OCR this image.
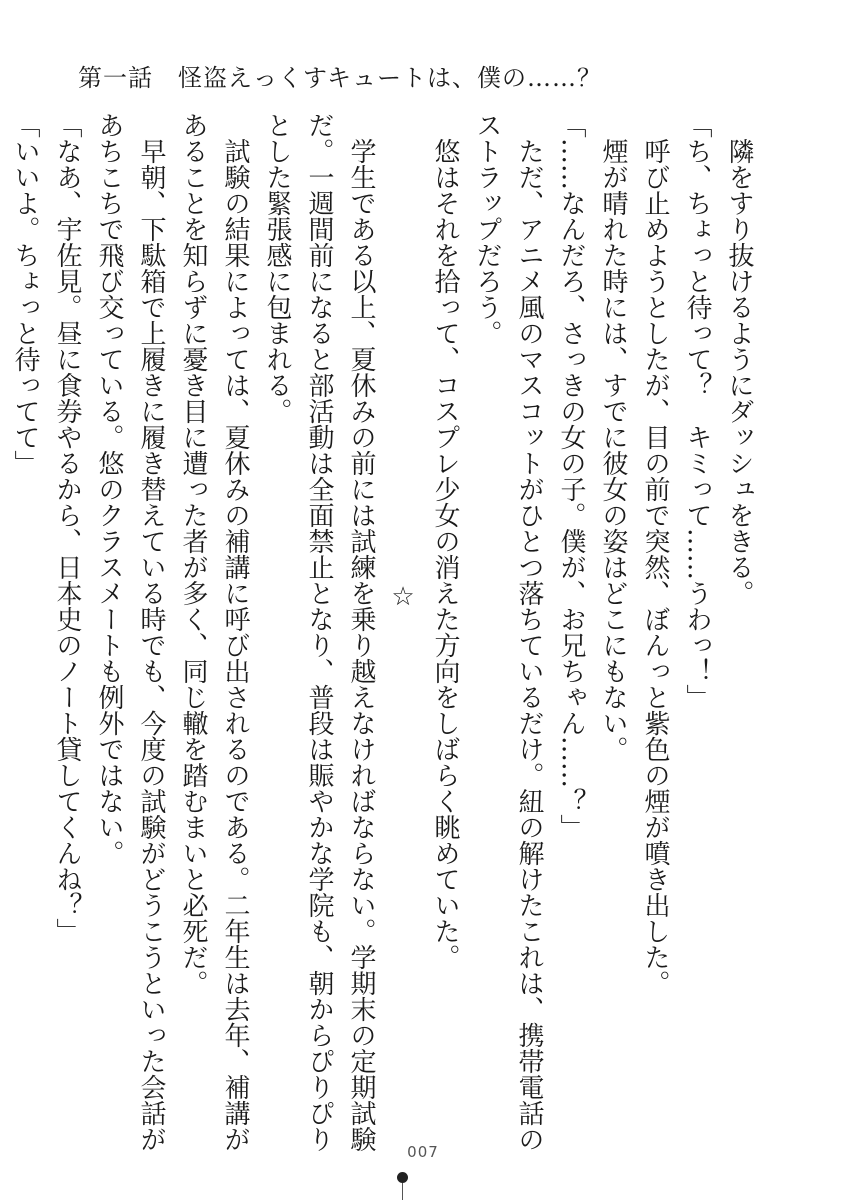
第一話　怪盗えっくすキュートは、僕の……？
　隣をすり抜けるようにダッシュをきる。
「ち、ちょっと待って？　キミって……うわっ！」
　呼び止めようとしたが、目の前で突然、ぼんっと紫色の煙が噴き出した。
　煙が晴れた時には、すでに彼女の姿はどこにもない。
「……なんだろ、さっきの女の子。僕が、お兄ちゃん……？」
　ただ、アニメ風のマスコットがひとつ落ちているだけ。紐の解けたこれは、携帯電話の
ストラップだろう。
　悠はそれを拾って、コスプレ少女の消えた方向をしばらく眺めていた。
☆
　学生である以上、夏休みの前には試練を乗り越えなければならない。学期末の定期試験
だ。一週間前になると部活動は全面禁止となり、普段は賑やかな学院も、朝からぴりぴり
とした緊張感に包まれる。
　試験の結果によっては、夏休みの補講に呼び出されるのである。二年生は去年、補講が
あることを知らずに憂き目に遭った者が多く、同じ轍を踏むまいと必死だ。
　早朝、下駄箱で上履きに履き替えている時でも、今度の試験がどうこうといった会話が
あちこちで飛び交っている。悠のクラスメートも例外ではない。
「なあ、宇佐見。昼に食券やるから、日本史のノート貸してくんね？」
「いいよ。ちょっと待ってて」
007
